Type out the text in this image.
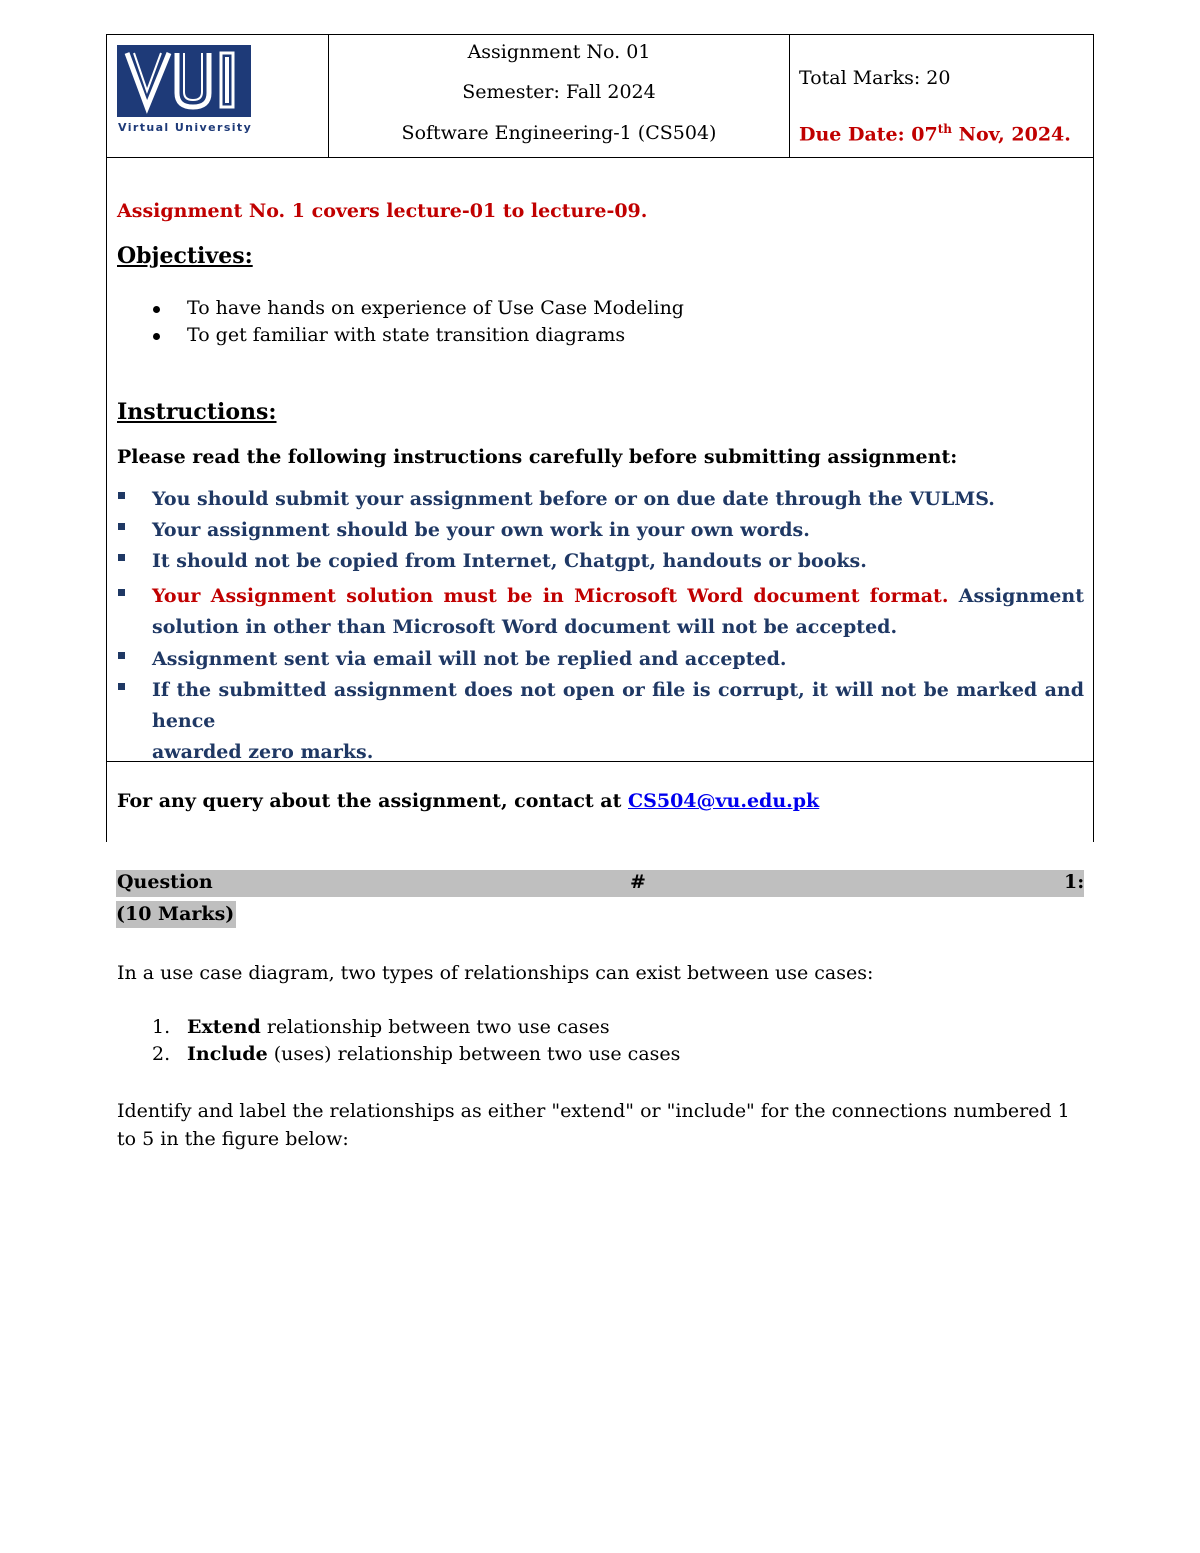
Virtual University
Assignment No. 01
Semester: Fall 2024
Software Engineering-1 (CS504)
Total Marks: 20
Due Date: 07th Nov, 2024.
Assignment No. 1 covers lecture-01 to lecture-09.
Objectives:
To have hands on experience of Use Case Modeling
To get familiar with state transition diagrams
Instructions:
Please read the following instructions carefully before submitting assignment:
You should submit your assignment before or on due date through the VULMS.
Your assignment should be your own work in your own words.
It should not be copied from Internet, Chatgpt, handouts or books.
Your Assignment solution must be in Microsoft Word document format. Assignment
solution in other than Microsoft Word document will not be accepted.
Assignment sent via email will not be replied and accepted.
If the submitted assignment does not open or file is corrupt, it will not be marked and hence
awarded zero marks.
For any query about the assignment, contact at CS504@vu.edu.pk
Question	#	1:
(10 Marks)
In a use case diagram, two types of relationships can exist between use cases:
1. Extend relationship between two use cases
2. Include (uses) relationship between two use cases
Identify and label the relationships as either "extend" or "include" for the connections numbered 1 to 5 in the figure below:
